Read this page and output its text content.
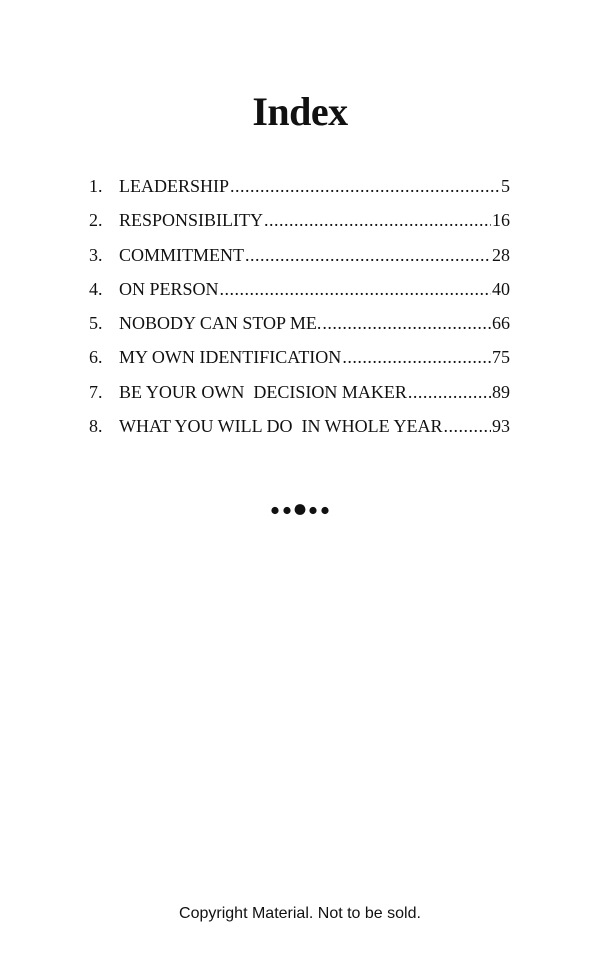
Index
1. LEADERSHIP .....	5
2. RESPONSIBILITY .....	16
3. COMMITMENT .....	28
4. ON PERSON .....	40
5. NOBODY CAN STOP ME. .....	66
6. MY OWN IDENTIFICATION .....	75
7. BE YOUR OWN  DECISION MAKER .....	89
8. WHAT YOU WILL DO  IN WHOLE YEAR .....	93

Copyright Material. Not to be sold.
